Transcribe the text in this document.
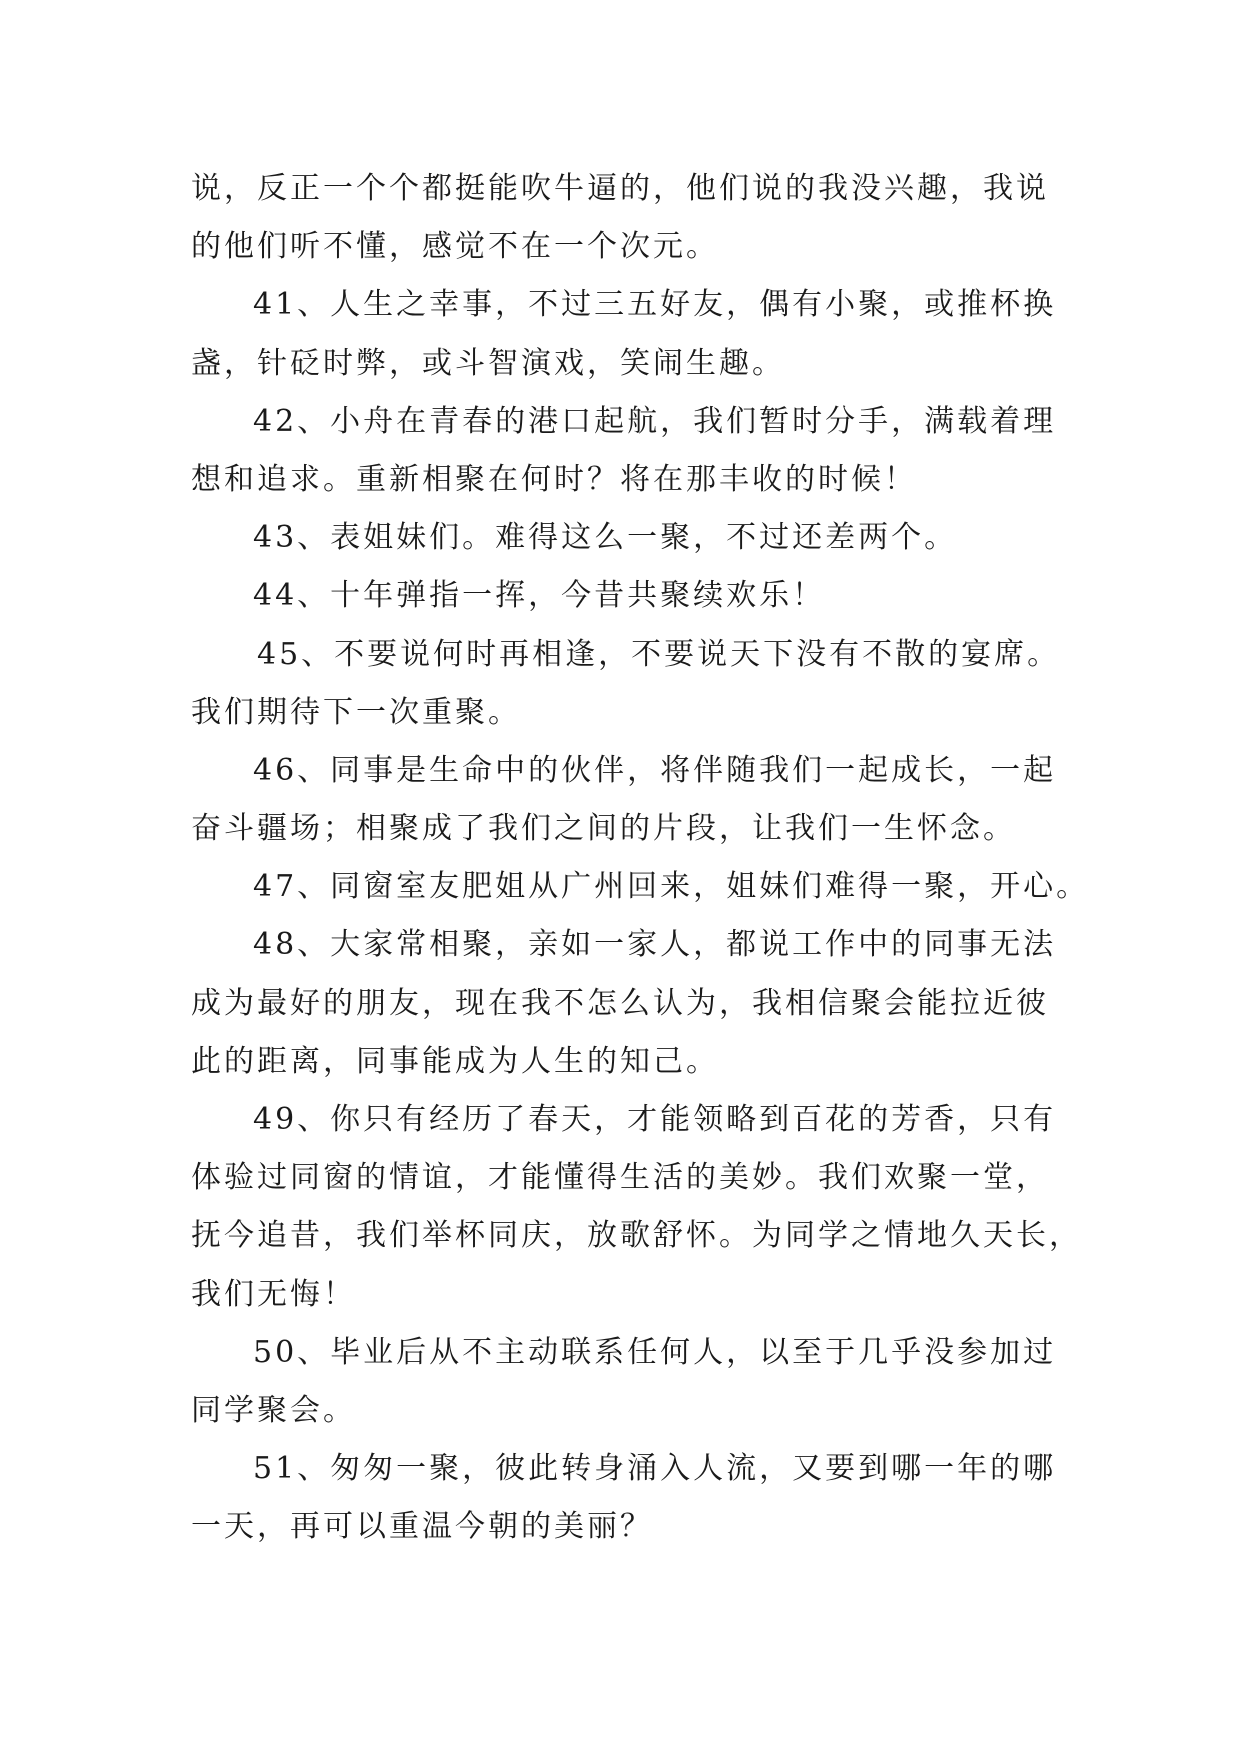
说，反正一个个都挺能吹牛逼的，他们说的我没兴趣，我说
的他们听不懂，感觉不在一个次元。
41、人生之幸事，不过三五好友，偶有小聚，或推杯换
盏，针砭时弊，或斗智演戏，笑闹生趣。
42、小舟在青春的港口起航，我们暂时分手，满载着理
想和追求。重新相聚在何时？将在那丰收的时候！
43、表姐妹们。难得这么一聚，不过还差两个。
44、十年弹指一挥，今昔共聚续欢乐！
45、不要说何时再相逢，不要说天下没有不散的宴席。
我们期待下一次重聚。
46、同事是生命中的伙伴，将伴随我们一起成长，一起
奋斗疆场；相聚成了我们之间的片段，让我们一生怀念。
47、同窗室友肥姐从广州回来，姐妹们难得一聚，开心。
48、大家常相聚，亲如一家人，都说工作中的同事无法
成为最好的朋友，现在我不怎么认为，我相信聚会能拉近彼
此的距离，同事能成为人生的知己。
49、你只有经历了春天，才能领略到百花的芳香，只有
体验过同窗的情谊，才能懂得生活的美妙。我们欢聚一堂，
抚今追昔，我们举杯同庆，放歌舒怀。为同学之情地久天长，
我们无悔！
50、毕业后从不主动联系任何人，以至于几乎没参加过
同学聚会。
51、匆匆一聚，彼此转身涌入人流，又要到哪一年的哪
一天，再可以重温今朝的美丽？
